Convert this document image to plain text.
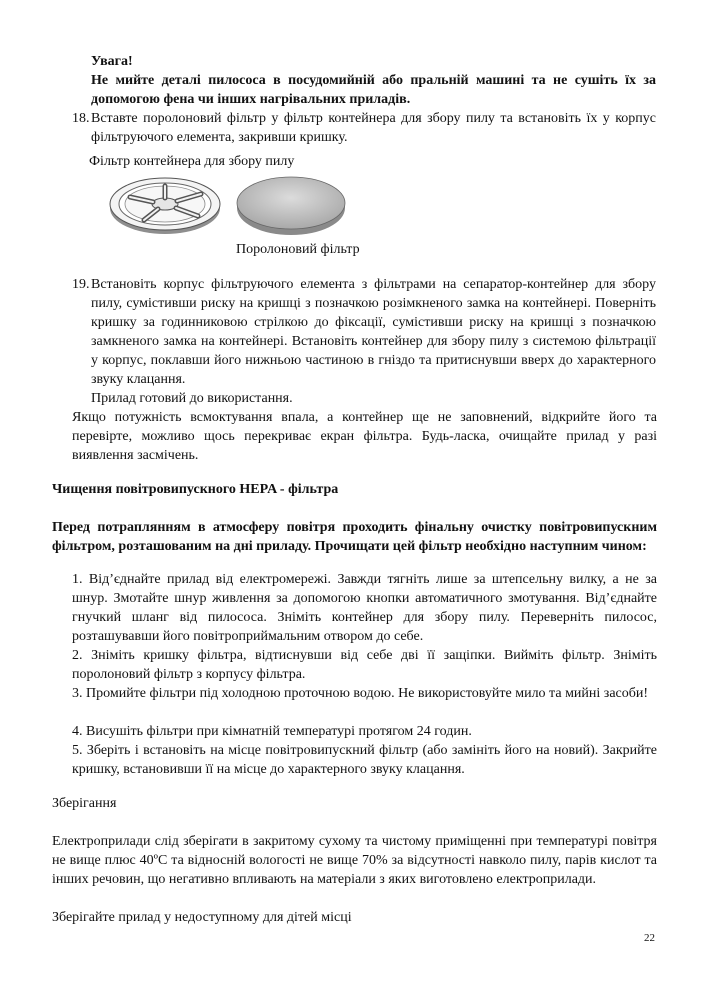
Увага!

Не мийте деталі пилососа в посудомийній або пральній машині та не сушіть їх за допомогою фена чи інших нагрівальних приладів.

18. Вставте поролоновий фільтр у фільтр контейнера для збору пилу та встановіть їх у корпус фільтруючого елемента, закривши кришку.

Фільтр контейнера для збору пилу

Поролоновий фільтр

19. Встановіть корпус фільтруючого елемента з фільтрами на сепаратор-контейнер для збору пилу, сумістивши риску на кришці з позначкою розімкненого замка на контейнері. Поверніть кришку за годинниковою стрілкою до фіксації, сумістивши риску на кришці з позначкою замкненого замка на контейнері. Встановіть контейнер для збору пилу з системою фільтрації у корпус, поклавши його нижньою частиною в гніздо та притиснувши вверх до характерного звуку клацання.

Прилад готовий до використання.

Якщо потужність всмоктування впала, а контейнер ще не заповнений, відкрийте його та перевірте, можливо щось перекриває екран фільтра. Будь-ласка, очищайте прилад у разі виявлення засмічень.

Чищення повітровипускного HEPA - фільтра

Перед потраплянням в атмосферу повітря проходить фінальну очистку повітровипускним фільтром, розташованим на дні приладу. Прочищати цей фільтр необхідно наступним чином:

1. Від’єднайте прилад від електромережі. Завжди тягніть лише за штепсельну вилку, а не за шнур. Змотайте шнур живлення за допомогою кнопки автоматичного змотування. Від’єднайте гнучкий шланг від пилососа. Зніміть контейнер для збору пилу. Переверніть пилосос, розташувавши його повітроприймальним отвором до себе.

2. Зніміть кришку фільтра, відтиснувши від себе дві її защіпки. Вийміть фільтр. Зніміть поролоновий фільтр з корпусу фільтра.

3. Промийте фільтри під холодною проточною водою. Не використовуйте мило та мийні засоби!

4. Висушіть фільтри при кімнатній температурі протягом 24 годин.

5. Зберіть і встановіть на місце повітровипускний фільтр (або замініть його на новий). Закрийте кришку, встановивши її на місце до характерного звуку клацання.

Зберігання

Електроприлади слід зберігати в закритому сухому та чистому приміщенні при температурі повітря не вище плюс 40ºС та відносній вологості не вище 70% за відсутності навколо пилу, парів кислот та інших речовин, що негативно впливають на матеріали з яких виготовлено електроприлади.

Зберігайте прилад у недоступному для дітей місці

22
